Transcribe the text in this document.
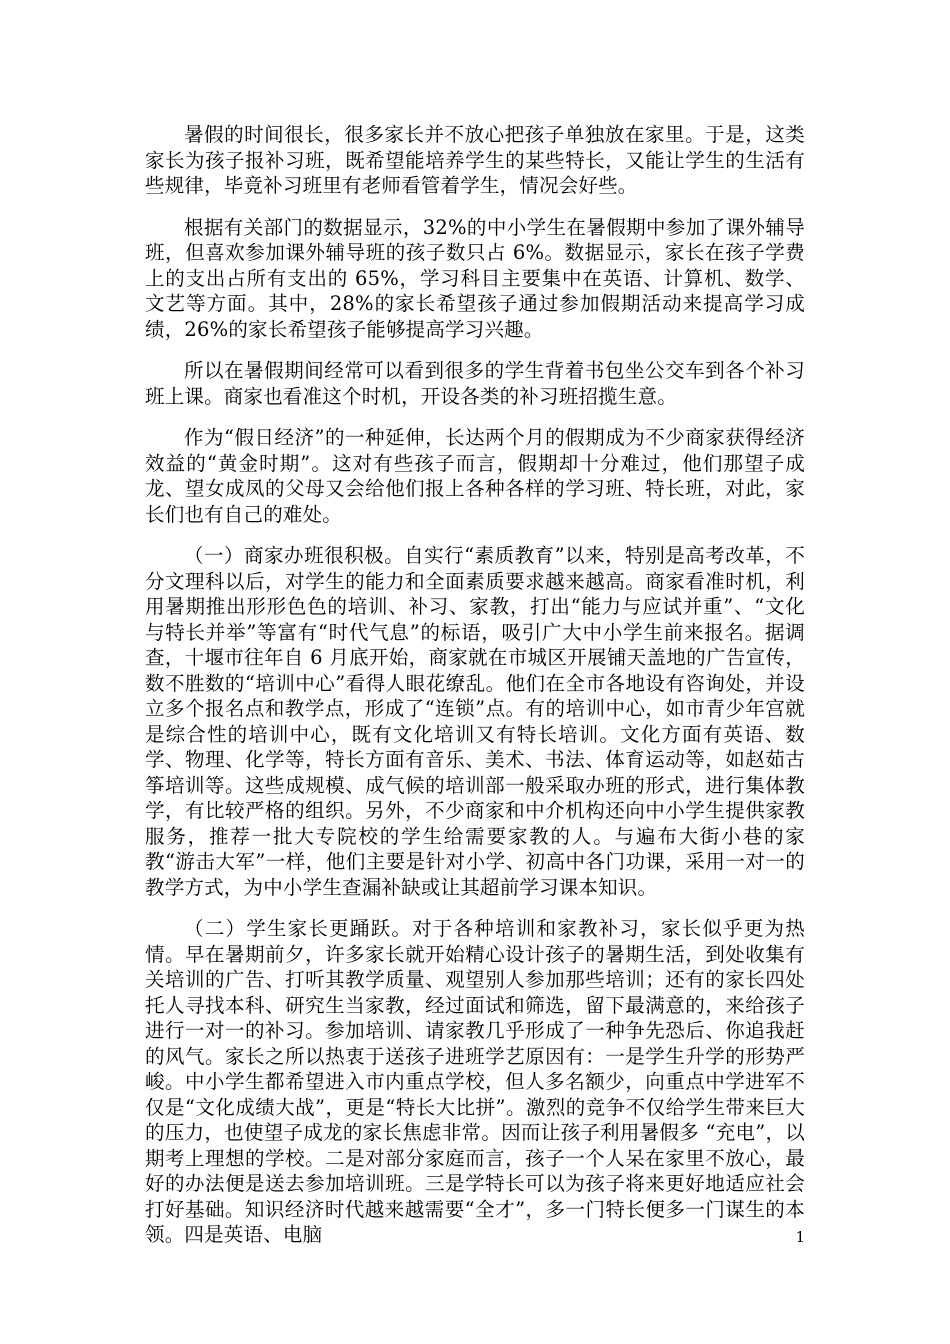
暑假的时间很长，很多家长并不放心把孩子单独放在家里。于是，这类家长为孩子报补习班，既希望能培养学生的某些特长，又能让学生的生活有些规律，毕竟补习班里有老师看管着学生，情况会好些。

根据有关部门的数据显示，32%的中小学生在暑假期中参加了课外辅导班，但喜欢参加课外辅导班的孩子数只占 6%。数据显示，家长在孩子学费上的支出占所有支出的 65%，学习科目主要集中在英语、计算机、数学、文艺等方面。其中，28%的家长希望孩子通过参加假期活动来提高学习成绩，26%的家长希望孩子能够提高学习兴趣。

所以在暑假期间经常可以看到很多的学生背着书包坐公交车到各个补习班上课。商家也看准这个时机，开设各类的补习班招揽生意。

作为“假日经济”的一种延伸，长达两个月的假期成为不少商家获得经济效益的“黄金时期”。这对有些孩子而言，假期却十分难过，他们那望子成龙、望女成凤的父母又会给他们报上各种各样的学习班、特长班，对此，家长们也有自己的难处。

（一）商家办班很积极。自实行“素质教育”以来，特别是高考改革，不分文理科以后，对学生的能力和全面素质要求越来越高。商家看准时机，利用暑期推出形形色色的培训、补习、家教，打出“能力与应试并重”、“文化与特长并举”等富有“时代气息”的标语，吸引广大中小学生前来报名。据调查，十堰市往年自 6 月底开始，商家就在市城区开展铺天盖地的广告宣传，数不胜数的“培训中心”看得人眼花缭乱。他们在全市各地设有咨询处，并设立多个报名点和教学点，形成了“连锁”点。有的培训中心，如市青少年宫就是综合性的培训中心，既有文化培训又有特长培训。文化方面有英语、数学、物理、化学等，特长方面有音乐、美术、书法、体育运动等，如赵茹古筝培训等。这些成规模、成气候的培训部一般采取办班的形式，进行集体教学，有比较严格的组织。另外，不少商家和中介机构还向中小学生提供家教服务，推荐一批大专院校的学生给需要家教的人。与遍布大街小巷的家教“游击大军”一样，他们主要是针对小学、初高中各门功课，采用一对一的教学方式，为中小学生查漏补缺或让其超前学习课本知识。

（二）学生家长更踊跃。对于各种培训和家教补习，家长似乎更为热情。早在暑期前夕，许多家长就开始精心设计孩子的暑期生活，到处收集有关培训的广告、打听其教学质量、观望别人参加那些培训；还有的家长四处托人寻找本科、研究生当家教，经过面试和筛选，留下最满意的，来给孩子进行一对一的补习。参加培训、请家教几乎形成了一种争先恐后、你追我赶的风气。家长之所以热衷于送孩子进班学艺原因有：一是学生升学的形势严峻。中小学生都希望进入市内重点学校，但人多名额少，向重点中学进军不仅是“文化成绩大战”，更是“特长大比拼”。激烈的竞争不仅给学生带来巨大的压力，也使望子成龙的家长焦虑非常。因而让孩子利用暑假多 “充电”，以期考上理想的学校。二是对部分家庭而言，孩子一个人呆在家里不放心，最好的办法便是送去参加培训班。三是学特长可以为孩子将来更好地适应社会打好基础。知识经济时代越来越需要“全才”，多一门特长便多一门谋生的本领。四是英语、电脑	1
